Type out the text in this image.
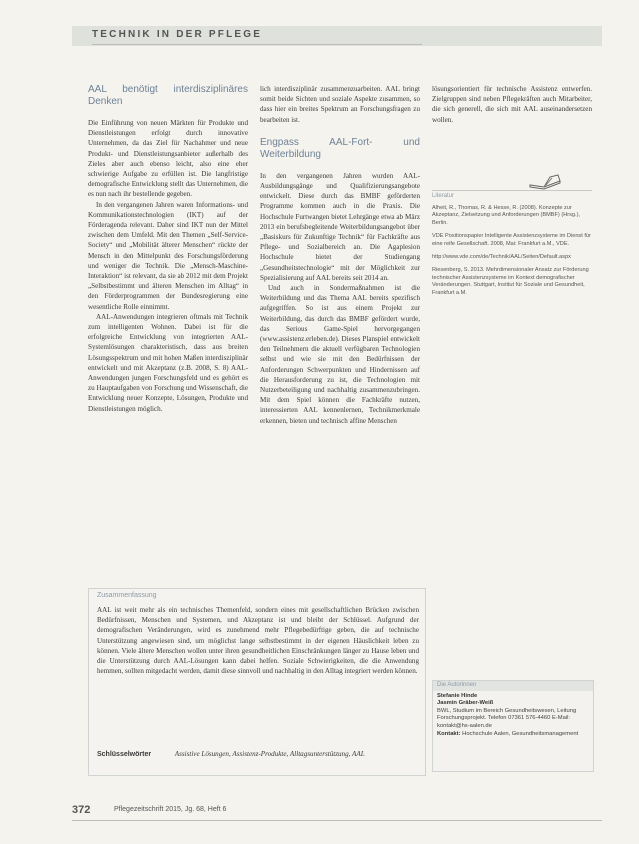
TECHNIK IN DER PFLEGE
AAL benötigt interdisziplinäres Denken

Die Einführung von neuen Märkten für Produkte und Dienstleistungen erfolgt durch innovative Unternehmen, da das Ziel für Nachahmer und neue Produkt- und Dienstleistungsanbieter außerhalb des Zieles aber auch ebenso leicht, also eine eher schwierige Aufgabe zu erfüllen ist. Die langfristige demografische Entwicklung stellt das Unternehmen, die es nun nach ihr bestellende gegeben.

In den vergangenen Jahren waren Informations- und Kommunikationstechnologien (IKT) auf der Förderagenda relevant. Daher sind IKT nun der Mittel zwischen dem Umfeld. Mit den Themen „Self-Service-Society“ und „Mobilität älterer Menschen“ rückte der Mensch in den Mittelpunkt des Forschungsförderung und weniger die Technik. Die „Mensch-Maschine-Interaktion“ ist relevant, da sie ab 2012 mit dem Projekt „Selbstbestimmt und älteren Menschen im Alltag“ in den Förderprogrammen der Bundesregierung eine wesentliche Rolle einnimmt.

AAL-Anwendungen integrieren oftmals mit Technik zum intelligenten Wohnen. Dabei ist für die erfolgreiche Entwicklung von integrierten AAL-Systemlösungen charakteristisch, dass aus breiten Lösungsspektrum und mit hohen Maßen interdisziplinär entwickelt und mit Akzeptanz (z.B. 2008, S. 8) AAL-Anwendungen jungen Forschungsfeld und es gehört es zu Hauptaufgaben von Forschung und Wissenschaft, die Entwicklung neuer Konzepte, Lösungen, Produkte und Dienstleistungen möglich.

lich interdisziplinär zusammenzuarbeiten. AAL bringt somit beide Sichten und soziale Aspekte zusammen, so dass hier ein breites Spektrum an Forschungsfragen zu bearbeiten ist.

Engpass AAL-Fort- und Weiterbildung

In den vergangenen Jahren wurden AAL-Ausbildungsgänge und Qualifizierungsangebote entwickelt. Diese durch das BMBF geförderten Programme kommen auch in die Praxis. Die Hochschule Furtwangen bietet Lehrgänge etwa ab März 2013 ein berufsbegleitende Weiterbildungsangebot über „Basiskurs für Zukunftige Technik“ für Fachkräfte aus Pflege- und Sozialbereich an. Die Agaplesion Hochschule bietet der Studiengang „Gesundheitstechnologie“ mit der Möglichkeit zur Spezialisierung auf AAL bereits seit 2014 an.

Und auch in Sondermaßnahmen ist die Weiterbildung und das Thema AAL bereits spezifisch aufgegriffen. So ist aus einem Projekt zur Weiterbildung, das durch das BMBF gefördert wurde, das Serious Game-Spiel hervorgegangen (www.assistenz.erleben.de). Dieses Planspiel entwickelt den Teilnehmern die aktuell verfügbaren Technologien selbst und wie sie mit den Bedürfnissen der Anforderungen Schwerpunkten und Hindernissen auf die Herausforderung zu ist, die Technologien mit Nutzerbeteiligung und nachhaltig zusammenzubringen. Mit dem Spiel können die Fachkräfte nutzen, interessierten AAL kennenlernen, Technikmerkmale erkennen, bieten und technisch affine Menschen

lösungsorientiert für technische Assistenz entwerfen. Zielgruppen sind neben Pflegekräften auch Mitarbeiter, die sich generell, die sich mit AAL auseinandersetzen wollen.

Literatur
Alheit, R., Thomas, R. & Hesse, R. (2008). Konzepte zur Akzeptanz, Zielsetzung und Anforderungen (BMBF) (Hrsg.), Berlin.
VDE Positionspapier Intelligente Assistenzsysteme im Dienst für eine reife Gesellschaft. 2008, Mai: Frankfurt a.M., VDE.
http://www.vde.com/de/Technik/AAL/Seiten/Default.aspx
Riesenberg, S. 2013. Mehrdimensionaler Ansatz zur Förderung technischer Assistenzsysteme im Kontext demografischer Veränderungen. Stuttgart, Institut für Soziale und Gesundheit, Frankfurt a.M.
Zusammenfassung
AAL ist weit mehr als ein technisches Themenfeld, sondern eines mit gesellschaftlichen Brücken zwischen Bedürfnissen, Menschen und Systemen, und Akzeptanz ist und bleibt der Schlüssel. Aufgrund der demografischen Veränderungen, wird es zunehmend mehr Pflegebedürftige geben, die auf technische Unterstützung angewiesen sind, um möglichst lange selbstbestimmt in der eigenen Häuslichkeit leben zu können. Viele ältere Menschen wollen unter ihren gesundheitlichen Einschränkungen länger zu Hause leben und die Unterstützung durch AAL-Lösungen kann dabei helfen. Soziale Schwierigkeiten, die die Anwendung hemmen, sollten mitgedacht werden, damit diese sinnvoll und nachhaltig in den Alltag integriert werden können.
Schlüsselwörter	Assistive Lösungen, Assistenz-Produkte, Alltagsunterstützung, AAL
Die Autorinnen
Stefanie Hinde
Jasmin Gräber-Weiß
BWL, Studium im Bereich Gesundheitswesen, Leitung Forschungsprojekt. Telefon 07361 576-4460 E-Mail: kontakt@hs-aalen.de
Kontakt: Hochschule Aalen, Gesundheitsmanagement
372	Pflegezeitschrift 2015, Jg. 68, Heft 6
